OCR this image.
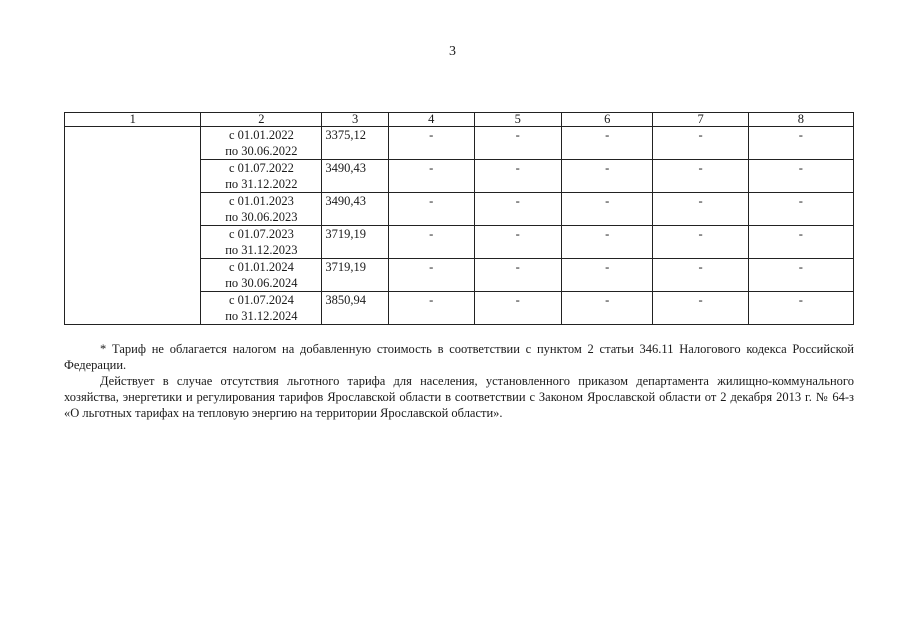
3
1	2	3	4	5	6	7	8

	с 01.01.2022
по 30.06.2022	3375,12	-	-	-	-	-

	с 01.07.2022
по 31.12.2022	3490,43	-	-	-	-	-

	с 01.01.2023
по 30.06.2023	3490,43	-	-	-	-	-

	с 01.07.2023
по 31.12.2023	3719,19	-	-	-	-	-

	с 01.01.2024
по 30.06.2024	3719,19	-	-	-	-	-

	с 01.07.2024
по 31.12.2024	3850,94	-	-	-	-	-

* Тариф не облагается налогом на добавленную стоимость в соответствии с пунктом 2 статьи 346.11 Налогового кодекса Российской Федерации.

Действует в случае отсутствия льготного тарифа для населения, установленного приказом департамента жилищно-коммунального хозяйства, энергетики и регулирования тарифов Ярославской области в соответствии с Законом Ярославской области от 2 декабря 2013 г. № 64-з «О льготных тарифах на тепловую энергию на территории Ярославской области».
